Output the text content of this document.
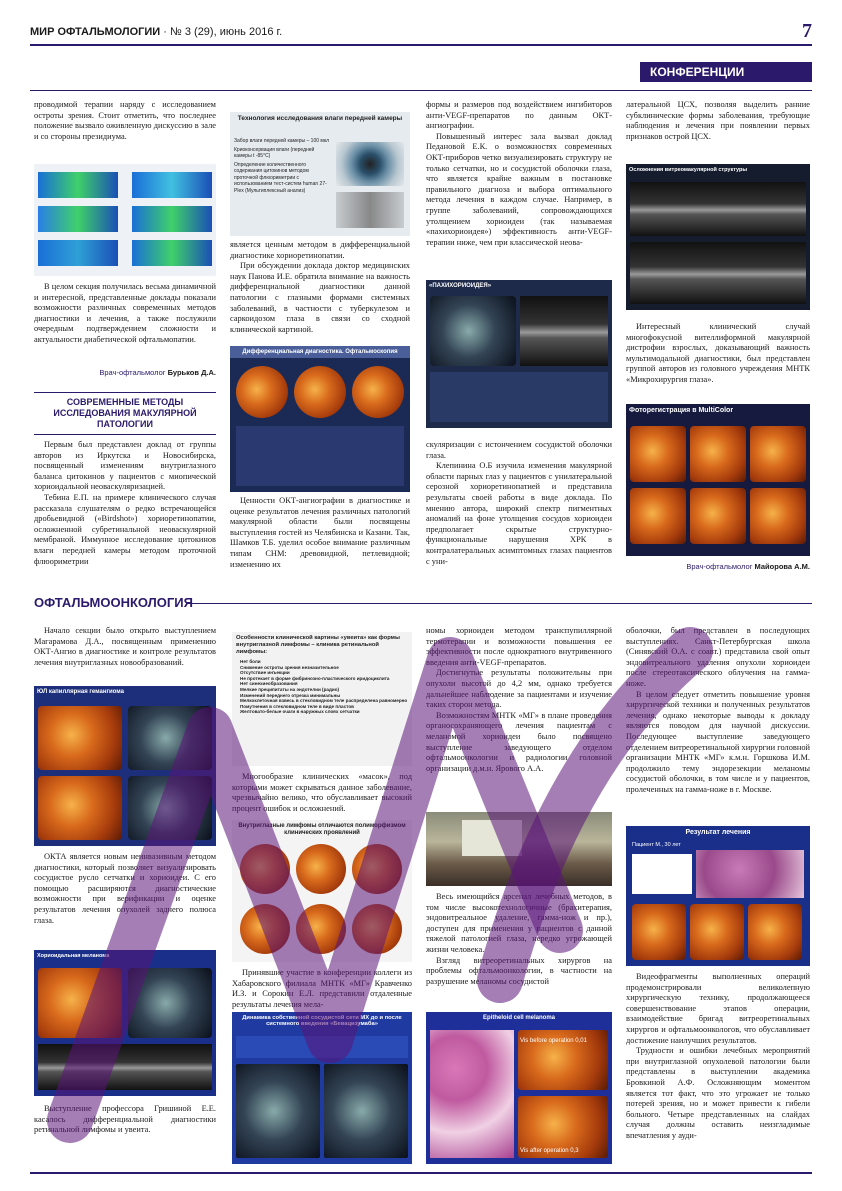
МИР ОФТАЛЬМОЛОГИИ · № 3 (29), июнь 2016 г.	7
КОНФЕРЕНЦИИ

проводимой терапии наряду с исследованием остроты зрения. Стоит отметить, что последнее положение вызвало оживленную дискуссию в зале и со стороны президиума.

В целом секция получилась весьма динамичной и интересной, представленные доклады показали возможности различных современных методов диагностики и лечения, а также послужили очередным подтверждением сложности и актуальности диабетической офтальмопатии.

Врач-офтальмолог Бурьков Д.А.
СОВРЕМЕННЫЕ МЕТОДЫ ИССЛЕДОВАНИЯ МАКУЛЯРНОЙ ПАТОЛОГИИ

Первым был представлен доклад от группы авторов из Иркутска и Новосибирска, посвященный изменениям внутриглазного баланса цитокинов у пациентов с миопической хориоидальной неоваскуляризацией.

Тебина Е.П. на примере клинического случая рассказала слушателям о редко встречающейся дробьевидной («Birdshot») хориоретинопатии, осложненной субретинальной неоваскулярной мембраной. Иммунное исследование цитокинов влаги передней камеры методом проточной флюориметрии

Технология исследования влаги передней камеры
Забор влаги передней камеры – 100 мкл
Криоконсервация влаги (передней камеры t -85°С)
Определение количественного содержания цитокинов методом проточной флюориметрии с использованием тест-систем human 27-Plex (Мультиплексный анализ)

является ценным методом в дифференциальной диагностике хориоретинопатии.

При обсуждении доклада доктор медицинских наук Панова И.Е. обратила внимание на важность дифференциальной диагностики данной патологии с глазными формами системных заболеваний, в частности с туберкулезом и саркоидозом глаза в связи со сходной клинической картиной.

Дифференциальная диагностика. Офтальмоскопия

Ценности ОКТ-ангиографии в диагностике и оценке результатов лечения различных патологий макулярной области были посвящены выступления гостей из Челябинска и Казани. Так, Шамков Т.Б. уделил особое внимание различным типам СНМ: древовидной, петлевидной; изменению их

формы и размеров под воздействием ингибиторов анти-VEGF-препаратов по данным ОКТ-ангиографии.

Повышенный интерес зала вызвал доклад Педановой Е.К. о возможностях современных ОКТ-приборов четко визуализировать структуру не только сетчатки, но и сосудистой оболочки глаза, что является крайне важным в постановке правильного диагноза и выбора оптимального метода лечения в каждом случае. Например, в группе заболеваний, сопровождающихся утолщением хориоидеи (так называемая «пахихориоидея») эффективность анти-VEGF-терапии ниже, чем при классической неова-

«ПАХИХОРИОИДЕЯ»

скуляризации с истончением сосудистой оболочки глаза.

Клепинина О.Б изучила изменения макулярной области парных глаз у пациентов с унилатеральной серозной хориоретинопатией и представила результаты своей работы в виде доклада. По мнению автора, широкий спектр пигментных аномалий на фоне утолщения сосудов хориоидеи предполагает скрытые структурно-функциональные нарушения ХРК в контралатеральных асимптомных глазах пациентов с уни-

латеральной ЦСХ, позволяя выделить ранние субклинические формы заболевания, требующие наблюдения и лечения при появлении первых признаков острой ЦСХ.

Осложнения витреомакулярной структуры

Интересный клинический случай многофокусной вителлиформной макулярной дистрофии взрослых, доказывающий важность мультимодальной диагностики, был представлен группой авторов из головного учреждения МНТК «Микрохирургия глаза».

Фоторегистрация в MultiColor
Врач-офтальмолог Майорова А.М.
ОФТАЛЬМООНКОЛОГИЯ

Начало секции было открыто выступлением Магарамова Д.А., посвященным применению ОКТ-Ангио в диагностике и контроле результатов лечения внутриглазных новообразований.

ЮЛ капиллярная гемангиома

ОКТА является новым неинвазивным методом диагностики, который позволяет визуализировать сосудистое русло сетчатки и хориоидеи. С его помощью расширяются диагностические возможности при верификации и оценке результатов лечения опухолей заднего полюса глаза.

Хориоидальная меланома

Выступление профессора Гришиной Е.Е. касалось дифференциальной диагностики ретинальной лимфомы и увеита.

Особенности клинической картины «увеита» как формы внутриглазной лимфомы – клиника ретинальной лимфомы:
Нет боли
Снижение остроты зрения незначительное
Отсутствие инъекции
Не протекает в форме фибринозно-пластического иридоциклита
Нет синехиеобразования
Мелкие преципитаты на эндотелии (радио)
Изменений переднего отрезка минимальны
Мелкоклеточная взвесь в стекловидном теле распределена равномерно
Помутнения в стекловидном теле в виде пластов
Желтовато-белые очаги в наружных слоях сетчатки

Многообразие клинических «масок», под которыми может скрываться данное заболевание, чрезвычайно велико, что обуславливает высокий процент ошибок и осложнений.

Внутриглазные лимфомы отличаются полиморфизмом клинических проявлений

Принявшие участие в конференции коллеги из Хабаровского филиала МНТК «МГ» Кравченко И.З. и Сорокин Е.Л. представили отдаленные результаты лечения мела-

Динамика собственной сосудистой сети МХ до и после системного введения «Бевацизумаба»

номы хориоидеи методом транспупиллярной термотерапии и возможности повышения ее эффективности после однократного внутривенного введения анти-VEGF-препаратов.

Достигнутые результаты положительны при опухоли высотой до 4,2 мм, однако требуется дальнейшее наблюдение за пациентами и изучение таких сторон метода.

Возможностям МНТК «МГ» в плане проведения органосохраняющего лечения пациентам с меланомой хориоидеи было посвящено выступление заведующего отделом офтальмоонкологии и радиологии головной организации д.м.н. Ярового А.А.

Весь имеющийся арсенал лечебных методов, в том числе высокотехнологичные (брахитерапия, эндовитреальное удаление, гамма-нож и пр.), доступен для применения у пациентов с данной тяжелой патологией глаза, нередко угрожающей жизни человека.

Взгляд витреоретинальных хирургов на проблемы офтальмоонкологии, в частности на разрушение меланомы сосудистой

Epitheloid cell melanoma
Vis before operation 0,01
Vis after operation 0,3

оболочки, был представлен в последующих выступлениях. Санкт-Петербургская школа (Синявский О.А. с соавт.) представила свой опыт эндовитреального удаления опухоли хориоидеи после стереотаксического облучения на гамма-ноже.

В целом следует отметить повышение уровня хирургической техники и полученных результатов лечения, однако некоторые выводы к докладу являются поводом для научной дискуссии. Последующее выступление заведующего отделением витреоретинальной хирургии головной организации МНТК «МГ» к.м.н. Горшкова И.М. продолжило тему эндорезекции меланомы сосудистой оболочки, в том числе и у пациентов, пролеченных на гамма-ноже в г. Москве.

Результат лечения
Пациент М., 30 лет

Видеофрагменты выполненных операций продемонстрировали великолепную хирургическую технику, продолжающееся совершенствование этапов операции, взаимодействие бригад витреоретинальных хирургов и офтальмоонкологов, что обуславливает достижение наилучших результатов.

Трудности и ошибки лечебных мероприятий при внутриглазной опухолевой патологии были представлены в выступлении академика Бровкиной А.Ф. Осложняющим моментом является тот факт, что это угрожает не только потерей зрения, но и может привести к гибели больного. Четыре представленных на слайдах случая должны оставить неизгладимые впечатления у ауди-
